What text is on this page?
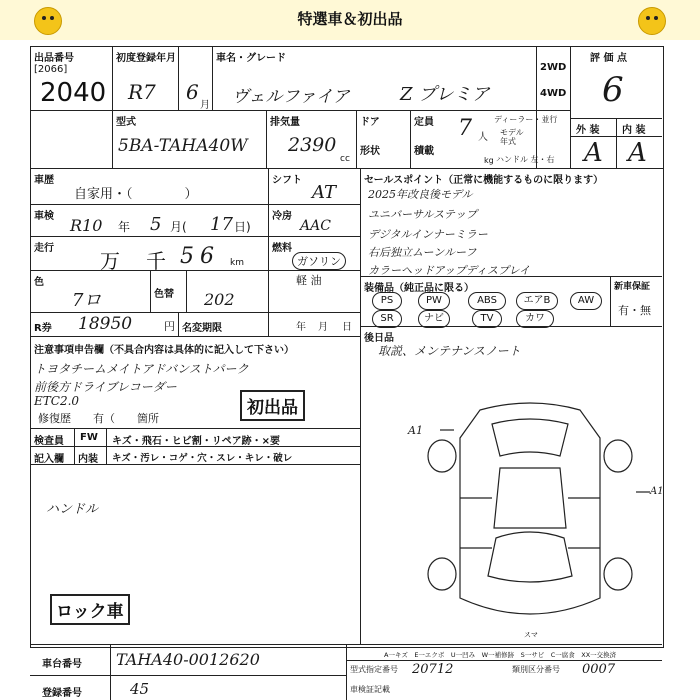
特選車＆初出品
出品番号
[2066]
2040
初度登録年月
R7 6
月
車名・グレード
ヴェルファイア	Z プレミア
2WD
4WD
評 価 点
6
外 装 内 装
A A
型式
5BA-TAHA40W
排気量
2390
cc
ドア
形状
定員 7 人
積載
kg
ディーラー・並行
モデル
年式
ハンドル 左・右
車歴
自家用・（　　　　）
シフト
AT
車検 R10 年 5 月( 17 日)
冷房
AAC
走行
万 千 56 km
燃料
ガソリン
軽 油
色
7ロ	色替 202
R券 18950	円 名変期限	年 月 日
注意事項申告欄（不具合内容は具体的に記入して下さい）
トヨタチームメイトアドバンストパーク
前後方ドライブレコーダー
ETC2.0
修復歴　　有（　　箇所
初出品
検査員 FW キズ・飛石・ヒビ割・リペア跡・×要
記入欄 内装 キズ・汚レ・コゲ・穴・スレ・キレ・破レ
ハンドル
ロック車
セールスポイント（正常に機能するものに限ります）
2025年改良後モデル
ユニバーサルステップ
デジタルインナーミラー
右后独立ムーンルーフ
カラーヘッドアップディスプレイ
装備品（純正品に限る）
PS	PW	ABS	エアB	AW
SR	ナビ	TV	カワ
新車保証
有・無
後日品
取説、メンテナンスノート
A1
A1
スマ
A一キズ　E一エクボ　U一凹み　W一補修跡　S一サビ　C一腐食　XX一交換済
車台番号 TAHA40-0012620
登録番号	45
型式指定番号 20712	類別区分番号 0007
車検証記載
